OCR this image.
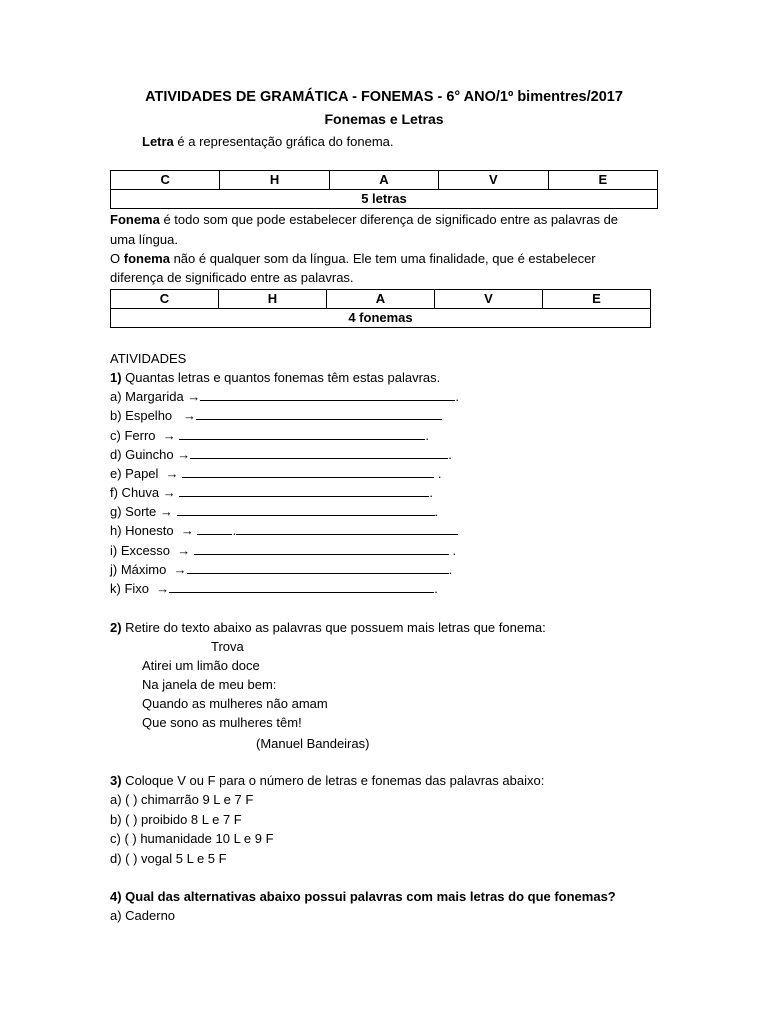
ATIVIDADES DE GRAMÁTICA - FONEMAS - 6° ANO/1º bimentres/2017
Fonemas e Letras
Letra é a representação gráfica do fonema.
C	H	A	V	E
5 letras
Fonema é todo som que pode estabelecer diferença de significado entre as palavras de
uma língua.
O fonema não é qualquer som da língua. Ele tem uma finalidade, que é estabelecer
diferença de significado entre as palavras.
C	H	A	V	E
4 fonemas
ATIVIDADES
1) Quantas letras e quantos fonemas têm estas palavras.
a) Margarida →	.
b) Espelho →
c) Ferro →	.
d) Guincho →	.
e) Papel →	.
f) Chuva →	.
g) Sorte →	.
h) Honesto →	.
i) Excesso →	.
j) Máximo →	.
k) Fixo →	.
2) Retire do texto abaixo as palavras que possuem mais letras que fonema:
Trova
Atirei um limão doce
Na janela de meu bem:
Quando as mulheres não amam
Que sono as mulheres têm!
(Manuel Bandeiras)
3) Coloque V ou F para o número de letras e fonemas das palavras abaixo:
a) ( ) chimarrão 9 L e 7 F
b) ( ) proibido 8 L e 7 F
c) ( ) humanidade 10 L e 9 F
d) ( ) vogal 5 L e 5 F
4) Qual das alternativas abaixo possui palavras com mais letras do que fonemas?
a) Caderno
